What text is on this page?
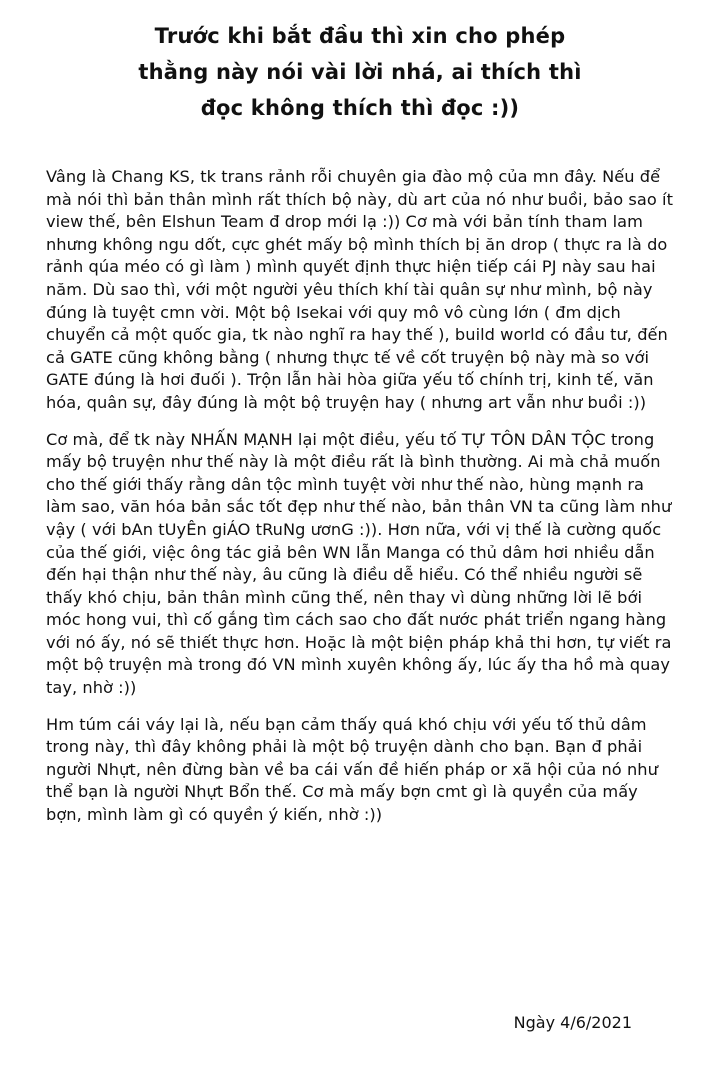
Trước khi bắt đầu thì xin cho phép
thằng này nói vài lời nhá, ai thích thì
đọc không thích thì đọc :))

Vâng là Chang KS, tk trans rảnh rỗi chuyên gia đào mộ của mn đây. Nếu để mà nói thì bản thân mình rất thích bộ này, dù art của nó như buồi, bảo sao ít view thế, bên Elshun Team đ drop mới lạ :)) Cơ mà với bản tính tham lam nhưng không ngu dốt, cực ghét mấy bộ mình thích bị ăn drop ( thực ra là do rảnh qúa méo có gì làm ) mình quyết định thực hiện tiếp cái PJ này sau hai năm. Dù sao thì, với một người yêu thích khí tài quân sự như mình, bộ này đúng là tuyệt cmn vời. Một bộ Isekai với quy mô vô cùng lớn ( đm dịch chuyển cả một quốc gia, tk nào nghĩ ra hay thế ), build world có đầu tư, đến cả GATE cũng không bằng ( nhưng thực tế về cốt truyện bộ này mà so với GATE đúng là hơi đuối ). Trộn lẫn hài hòa giữa yếu tố chính trị, kinh tế, văn hóa, quân sự, đây đúng là một bộ truyện hay ( nhưng art vẫn như buồi :))

Cơ mà, để tk này NHẤN MẠNH lại một điều, yếu tố TỰ TÔN DÂN TỘC trong mấy bộ truyện như thế này là một điều rất là bình thường. Ai mà chả muốn cho thế giới thấy rằng dân tộc mình tuyệt vời như thế nào, hùng mạnh ra làm sao, văn hóa bản sắc tốt đẹp như thế nào, bản thân VN ta cũng làm như vậy ( với bAn tUyÊn giÁO tRuNg ươnG :)). Hơn nữa, với vị thế là cường quốc của thế giới, việc ông tác giả bên WN lẫn Manga có thủ dâm hơi nhiều dẫn đến hại thận như thế này, âu cũng là điều dễ hiểu. Có thể nhiều người sẽ thấy khó chịu, bản thân mình cũng thế, nên thay vì dùng những lời lẽ bới móc hong vui, thì cố gắng tìm cách sao cho đất nước phát triển ngang hàng với nó ấy, nó sẽ thiết thực hơn. Hoặc là một biện pháp khả thi hơn, tự viết ra một bộ truyện mà trong đó VN mình xuyên không ấy, lúc ấy tha hồ mà quay tay, nhờ :))

Hm túm cái váy lại là, nếu bạn cảm thấy quá khó chịu với yếu tố thủ dâm trong này, thì đây không phải là một bộ truyện dành cho bạn. Bạn đ phải người Nhựt, nên đừng bàn về ba cái vấn đề hiến pháp or xã hội của nó như thể bạn là người Nhựt Bổn thế. Cơ mà mấy bợn cmt gì là quyền của mấy bợn, mình làm gì có quyền ý kiến, nhờ :))

Ngày 4/6/2021
